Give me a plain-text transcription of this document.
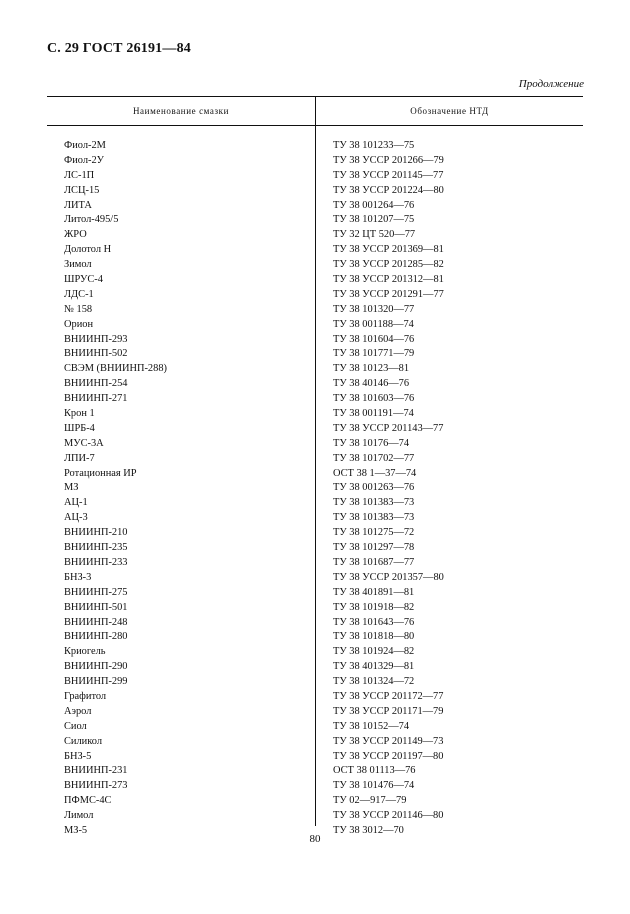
С. 29 ГОСТ 26191—84
Продолжение
Наименование смазки	Обозначение НТД
Фиол-2М	ТУ 38 101233—75
Фиол-2У	ТУ 38 УССР 201266—79
ЛС-1П	ТУ 38 УССР 201145—77
ЛСЦ-15	ТУ 38 УССР 201224—80
ЛИТА	ТУ 38 001264—76
Литол-495/5	ТУ 38 101207—75
ЖРО	ТУ 32 ЦТ 520—77
Долотол Н	ТУ 38 УССР 201369—81
Зимол	ТУ 38 УССР 201285—82
ШРУС-4	ТУ 38 УССР 201312—81
ЛДС-1	ТУ 38 УССР 201291—77
№ 158	ТУ 38 101320—77
Орион	ТУ 38 001188—74
ВНИИНП-293	ТУ 38 101604—76
ВНИИНП-502	ТУ 38 101771—79
СВЭМ (ВНИИНП-288)	ТУ 38 10123—81
ВНИИНП-254	ТУ 38 40146—76
ВНИИНП-271	ТУ 38 101603—76
Крон 1	ТУ 38 001191—74
ШРБ-4	ТУ 38 УССР 201143—77
МУС-3А	ТУ 38 10176—74
ЛПИ-7	ТУ 38 101702—77
Ротационная ИР	ОСТ 38 1—37—74
МЗ	ТУ 38 001263—76
АЦ-1	ТУ 38 101383—73
АЦ-3	ТУ 38 101383—73
ВНИИНП-210	ТУ 38 101275—72
ВНИИНП-235	ТУ 38 101297—78
ВНИИНП-233	ТУ 38 101687—77
БНЗ-3	ТУ 38 УССР 201357—80
ВНИИНП-275	ТУ 38 401891—81
ВНИИНП-501	ТУ 38 101918—82
ВНИИНП-248	ТУ 38 101643—76
ВНИИНП-280	ТУ 38 101818—80
Криогель	ТУ 38 101924—82
ВНИИНП-290	ТУ 38 401329—81
ВНИИНП-299	ТУ 38 101324—72
Графитол	ТУ 38 УССР 201172—77
Аэрол	ТУ 38 УССР 201171—79
Сиол	ТУ 38 10152—74
Силикол	ТУ 38 УССР 201149—73
БНЗ-5	ТУ 38 УССР 201197—80
ВНИИНП-231	ОСТ 38 01113—76
ВНИИНП-273	ТУ 38 101476—74
ПФМС-4С	ТУ 02—917—79
Лимол	ТУ 38 УССР 201146—80
МЗ-5	ТУ 38 3012—70
80
